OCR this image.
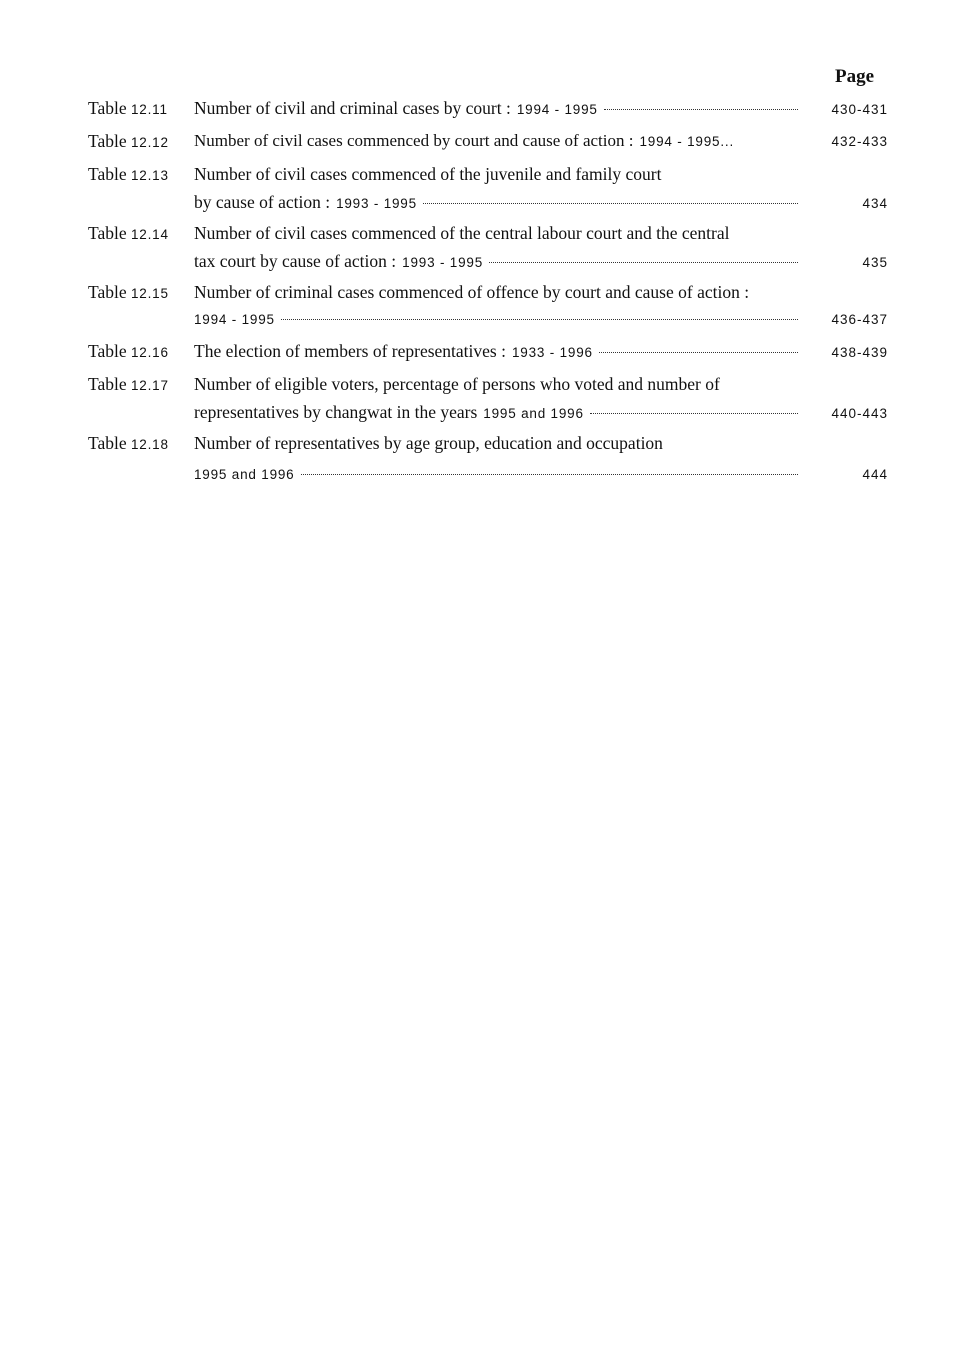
Page
Table 12.11	Number of civil and criminal cases by court : 1994 - 1995	430-431
Table 12.12	Number of civil cases commenced by court and cause of action : 1994 - 1995...	432-433
Table 12.13	Number of civil cases commenced of the juvenile and family court
by cause of action : 1993 - 1995	434
Table 12.14	Number of civil cases commenced of the central labour court and the central
tax court by cause of action : 1993 - 1995	435
Table 12.15	Number of criminal cases commenced of offence by court and cause of action :
1994 - 1995	436-437
Table 12.16	The election of members of representatives : 1933 - 1996	438-439
Table 12.17	Number of eligible voters, percentage of persons who voted and number of
representatives by changwat in the years 1995 and 1996	440-443
Table 12.18	Number of representatives by age group, education and occupation
1995 and 1996	444
